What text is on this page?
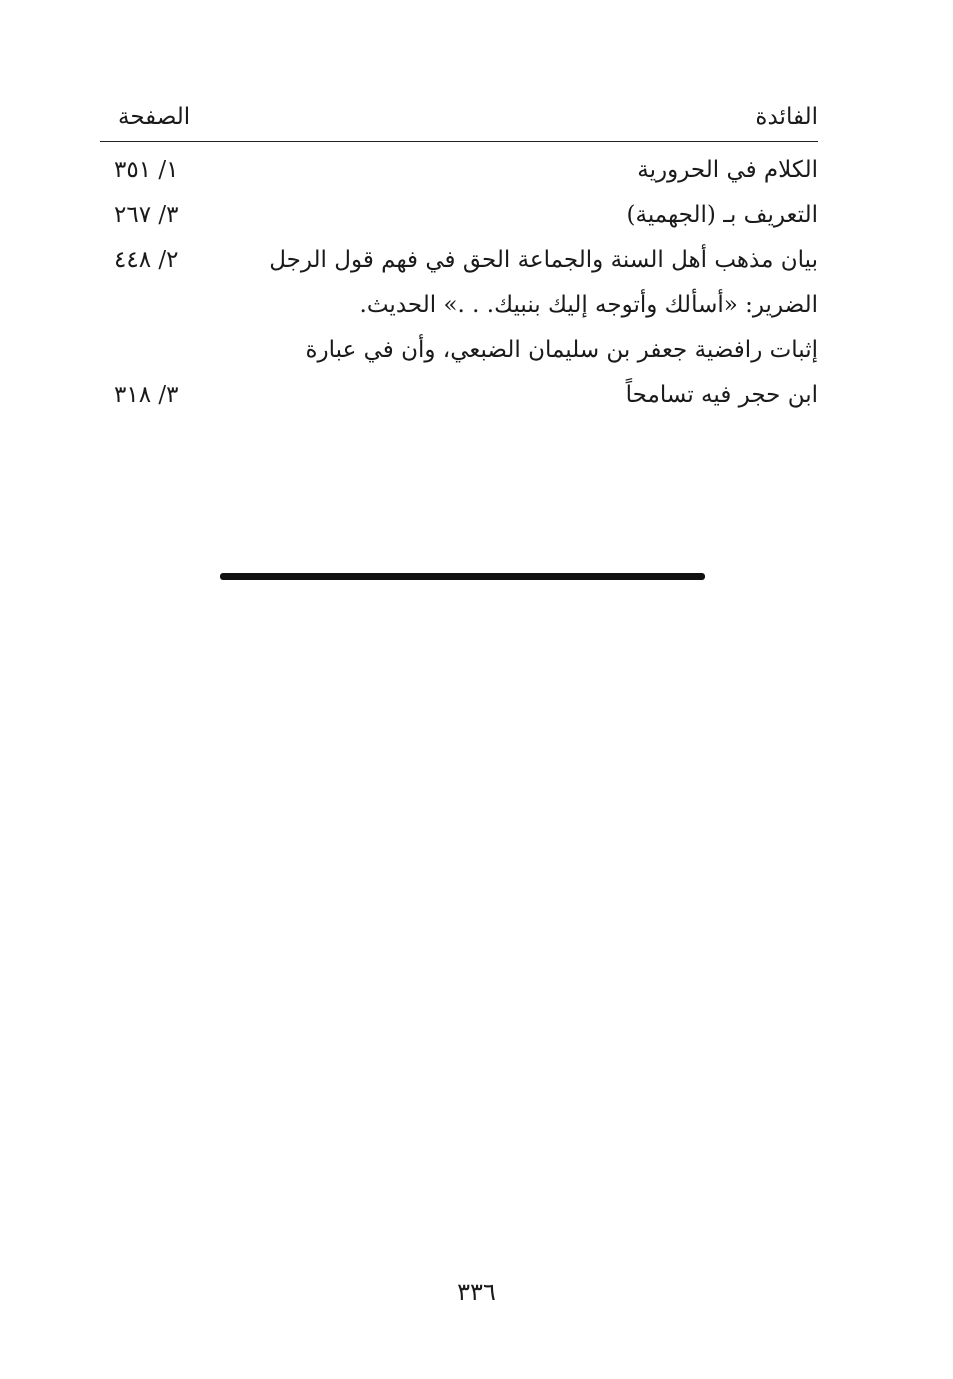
الفائدة
الصفحة
الكلام في الحرورية
١/ ٣٥١
التعريف بـ (الجهمية)
٣/ ٢٦٧
بيان مذهب أهل السنة والجماعة الحق في فهم قول الرجل
الضرير: «أسألك وأتوجه إليك بنبيك. . .» الحديث.
٢/ ٤٤٨
إثبات رافضية جعفر بن سليمان الضبعي، وأن في عبارة
ابن حجر فيه تسامحاً
٣/ ٣١٨
٣٣٦
